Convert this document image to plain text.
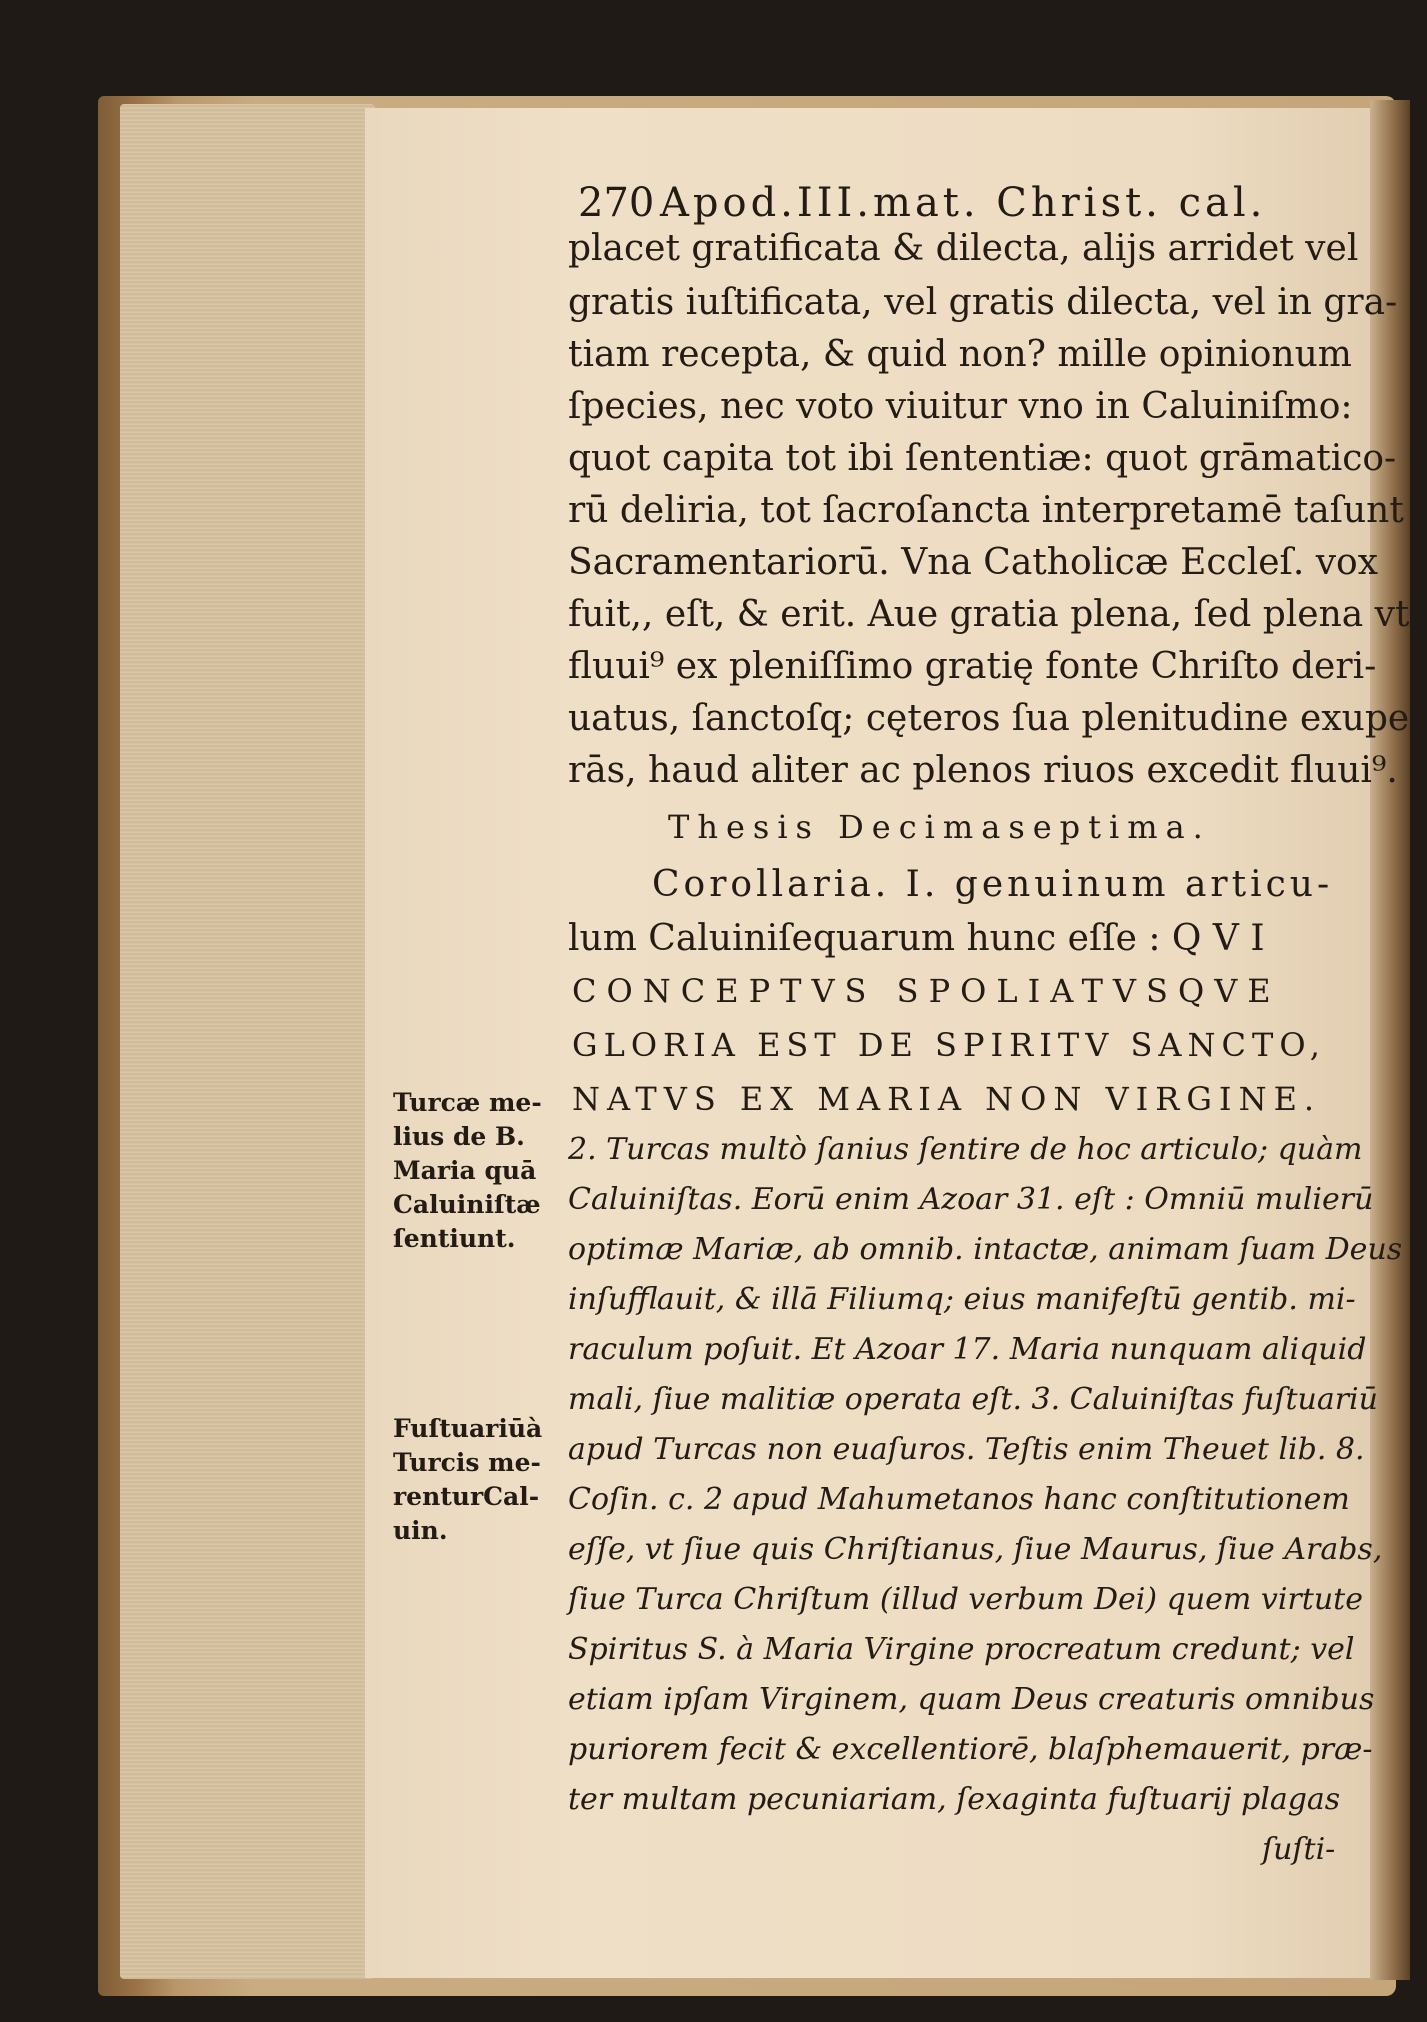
270 Apod.III.mat. Christ. cal.
placet gratificata & dilecta, alijs arridet vel
gratis iuſtificata, vel gratis dilecta, vel in gra-
tiam recepta, & quid non? mille opinionum
ſpecies, nec voto viuitur vno in Caluiniſmo:
quot capita tot ibi ſententiæ: quot grāmatico-
rū deliria, tot ſacroſancta interpretamē taſunt
Sacramentariorū. Vna Catholicæ Eccleſ. vox
fuit,, eſt, & erit. Aue gratia plena, ſed plena vt
fluui⁹ ex pleniſſimo gratię fonte Chriſto deri-
uatus, ſanctoſq; cęteros ſua plenitudine exupe
rās, haud aliter ac plenos riuos excedit fluui⁹.
Thesis Decimaseptima.
Corollaria. I. genuinum articu-
lum Caluiniſequarum hunc eſſe : Q V I
CONCEPTVS SPOLIATVSQVE
GLORIA EST DE SPIRITV SANCTO,
NATVS EX MARIA NON VIRGINE.
2. Turcas multò ſanius ſentire de hoc articulo; quàm
Caluiniſtas. Eorū enim Azoar 31. eſt : Omniū mulierū
optimæ Mariæ, ab omnib. intactæ, animam ſuam Deus
inſufflauit, & illā Filiumq; eius manifeſtū gentib. mi-
raculum poſuit. Et Azoar 17. Maria nunquam aliquid
mali, ſiue malitiæ operata eſt. 3. Caluiniſtas fuſtuariū
apud Turcas non euaſuros. Teſtis enim Theuet lib. 8.
Coſin. c. 2 apud Mahumetanos hanc conſtitutionem
eſſe, vt ſiue quis Chriſtianus, ſiue Maurus, ſiue Arabs,
ſiue Turca Chriſtum (illud verbum Dei) quem virtute
Spiritus S. à Maria Virgine procreatum credunt; vel
etiam ipſam Virginem, quam Deus creaturis omnibus
puriorem fecit & excellentiorē, blaſphemauerit, præ-
ter multam pecuniariam, ſexaginta fuſtuarij plagas
ſuſti-
Turcæ me-
lius de B.
Maria quā
Caluiniſtæ
ſentiunt.
Fuſtuariūà
Turcis me-
renturCal-
uin.
